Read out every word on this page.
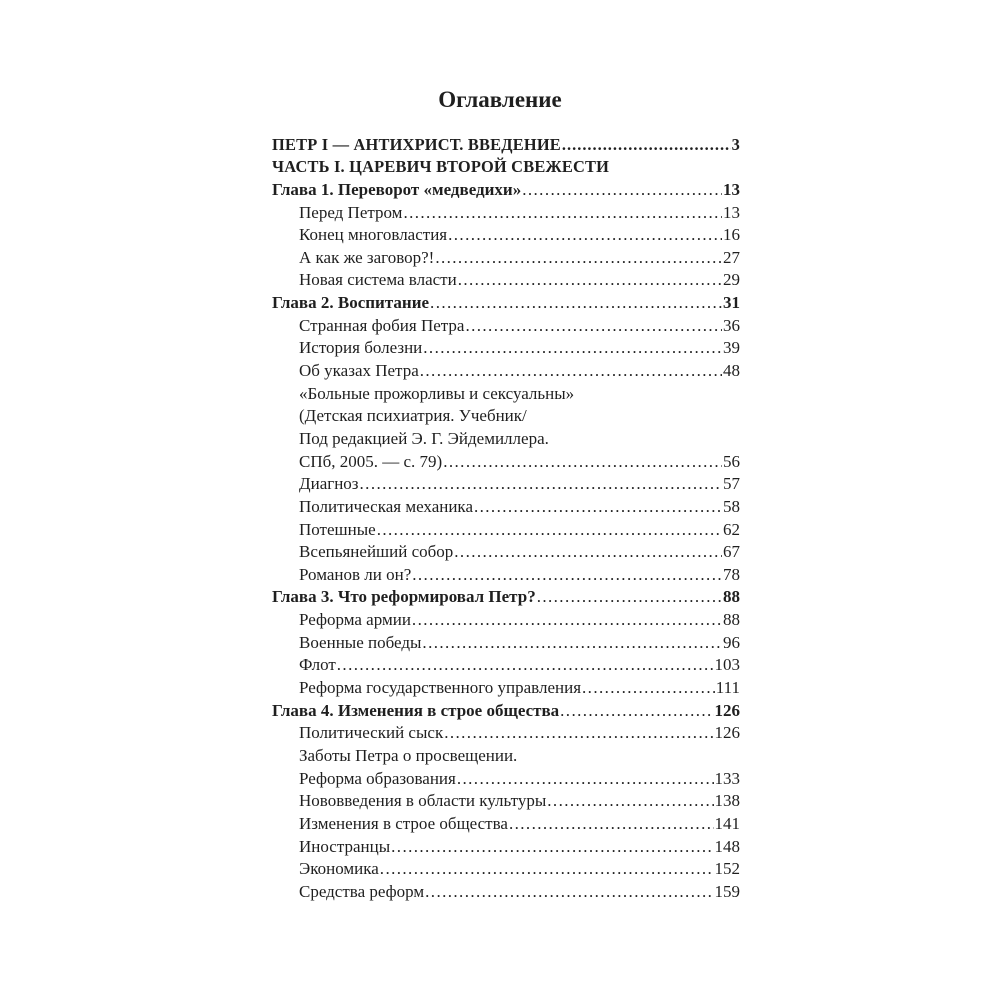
Оглавление
ПЕТР I — АНТИХРИСТ. ВВЕДЕНИЕ .....	3
ЧАСТЬ I. ЦАРЕВИЧ ВТОРОЙ СВЕЖЕСТИ
Глава 1. Переворот «медведихи» .....	13
Перед Петром .....	13
Конец многовластия .....	16
А как же заговор?! .....	27
Новая система власти .....	29
Глава 2. Воспитание .....	31
Странная фобия Петра .....	36
История болезни .....	39
Об указах Петра .....	48
«Больные прожорливы и сексуальны»
(Детская психиатрия. Учебник/
Под редакцией Э. Г. Эйдемиллера.
СПб, 2005. — с. 79) .....	56
Диагноз .....	57
Политическая механика .....	58
Потешные .....	62
Всепьянейший собор .....	67
Романов ли он? .....	78
Глава 3. Что реформировал Петр? .....	88
Реформа армии .....	88
Военные победы .....	96
Флот .....	103
Реформа государственного управления .....	111
Глава 4. Изменения в строе общества .....	126
Политический сыск .....	126
Заботы Петра о просвещении.
Реформа образования .....	133
Нововведения в области культуры .....	138
Изменения в строе общества .....	141
Иностранцы .....	148
Экономика .....	152
Средства реформ .....	159
